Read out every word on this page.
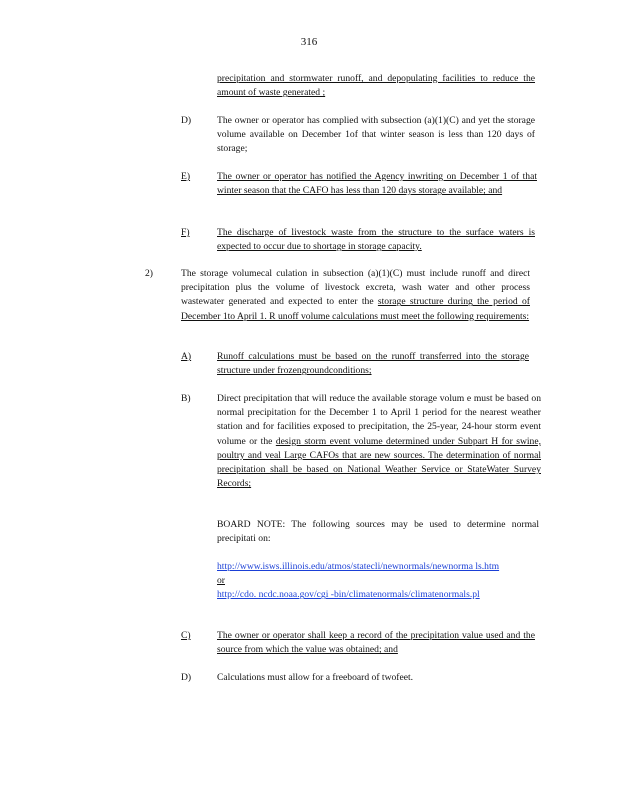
316
precipitation and stormwater runoff, and depopulating facilities to reduce the amount of waste generated ;
D)	The owner or operator has complied with subsection (a)(1)(C) and yet the storage volume available on December 1of that winter season is less than 120 days of storage;
E)	The owner or operator has notified the Agency inwriting on December 1 of that winter season that the CAFO has less than 120 days storage available; and
F)	The discharge of livestock waste from the structure to the surface waters is expected to occur due to shortage in storage capacity.
2)	The storage volumecal culation in subsection (a)(1)(C) must include runoff and direct precipitation plus the volume of livestock excreta, wash water and other process wastewater generated and expected to enter the storage structure during the period of December 1to April 1. R unoff volume calculations must meet the following requirements:
A)	Runoff calculations must be based on the runoff transferred into the storage structure under frozengroundconditions;
B)	Direct precipitation that will reduce the available storage volum e must be based on normal precipitation for the December 1 to April 1 period for the nearest weather station and for facilities exposed to precipitation, the 25-year, 24-hour storm event volume or the design storm event volume determined under Subpart H for swine, poultry and veal Large CAFOs that are new sources. The determination of normal precipitation shall be based on National Weather Service or StateWater Survey Records;
BOARD NOTE: The following sources may be used to determine normal precipitati on:
http://www.isws.illinois.edu/atmos/statecli/newnormals/newnorma ls.htm
or
http://cdo. ncdc.noaa.gov/cgi -bin/climatenormals/climatenormals.pl
C)	The owner or operator shall keep a record of the precipitation value used and the source from which the value was obtained; and
D)	Calculations must allow for a freeboard of twofeet.
